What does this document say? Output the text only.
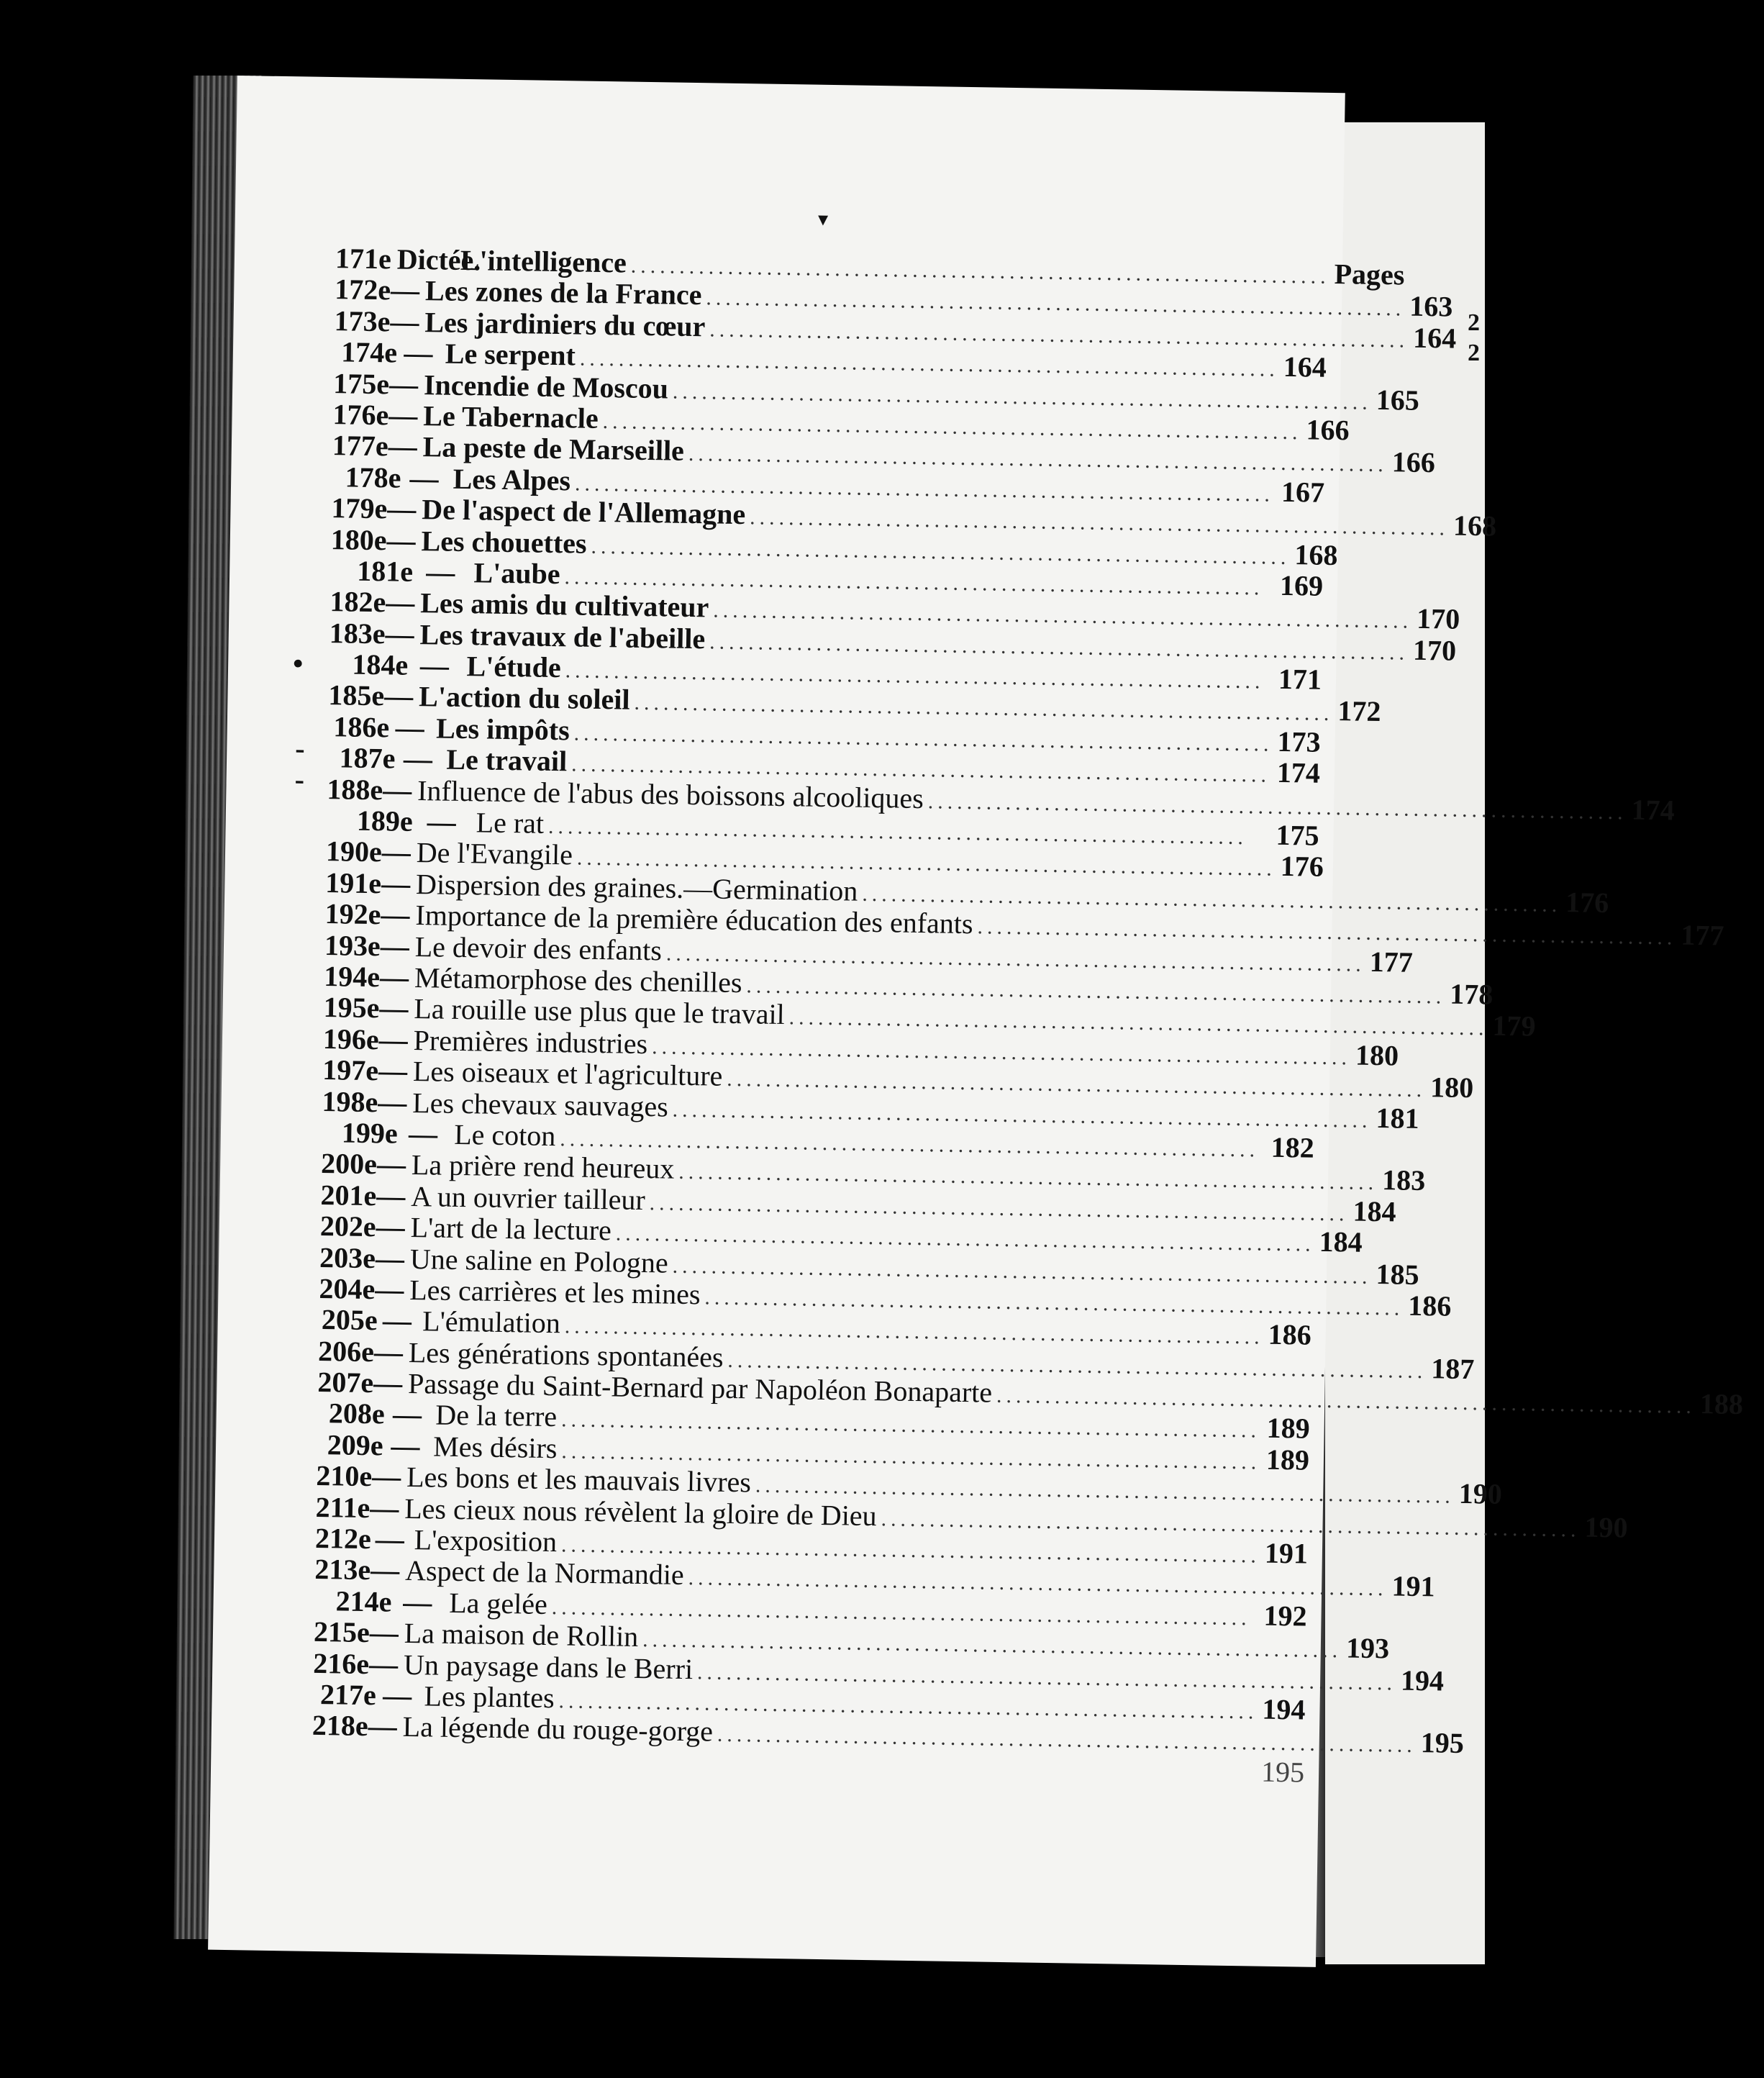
2
2
▾
171e Dictée.
L'intelligence ........................................................................ Pages
172e — Les zones de la France ........................................................................ 163
173e — Les jardiniers du cœur ........................................................................ 164
174e — Le serpent ........................................................................ 164
175e — Incendie de Moscou ........................................................................ 165
176e — Le Tabernacle ........................................................................ 166
177e — La peste de Marseille ........................................................................ 166
178e — Les Alpes ........................................................................ 167
179e — De l'aspect de l'Allemagne ........................................................................ 168
180e — Les chouettes ........................................................................ 168
181e — L'aube ........................................................................ 169
182e — Les amis du cultivateur ........................................................................ 170
183e — Les travaux de l'abeille ........................................................................ 170
184e — L'étude ........................................................................ 171
185e — L'action du soleil ........................................................................ 172
186e — Les impôts ........................................................................ 173
187e — Le travail ........................................................................ 174
188e — Influence de l'abus des boissons alcooliques ........................................................................ 174
189e — Le rat ........................................................................ 175
190e — De l'Evangile ........................................................................ 176
191e — Dispersion des graines.—Germination ........................................................................ 176
192e — Importance de la première éducation des enfants ........................................................................ 177
193e — Le devoir des enfants ........................................................................ 177
194e — Métamorphose des chenilles ........................................................................ 178
195e — La rouille use plus que le travail ........................................................................ 179
196e — Premières industries ........................................................................ 180
197e — Les oiseaux et l'agriculture ........................................................................ 180
198e — Les chevaux sauvages ........................................................................ 181
199e — Le coton ........................................................................ 182
200e — La prière rend heureux ........................................................................ 183
201e — A un ouvrier tailleur ........................................................................ 184
202e — L'art de la lecture ........................................................................ 184
203e — Une saline en Pologne ........................................................................ 185
204e — Les carrières et les mines ........................................................................ 186
205e — L'émulation ........................................................................ 186
206e — Les générations spontanées ........................................................................ 187
207e — Passage du Saint-Bernard par Napoléon Bonaparte ........................................................................ 188
208e — De la terre ........................................................................ 189
209e — Mes désirs ........................................................................ 189
210e — Les bons et les mauvais livres ........................................................................ 190
211e — Les cieux nous révèlent la gloire de Dieu ........................................................................ 190
212e — L'exposition ........................................................................ 191
213e — Aspect de la Normandie ........................................................................ 191
214e — La gelée ........................................................................ 192
215e — La maison de Rollin ........................................................................ 193
216e — Un paysage dans le Berri ........................................................................ 194
217e — Les plantes ........................................................................ 194
218e — La légende du rouge-gorge ........................................................................ 195
195
•
-
-
